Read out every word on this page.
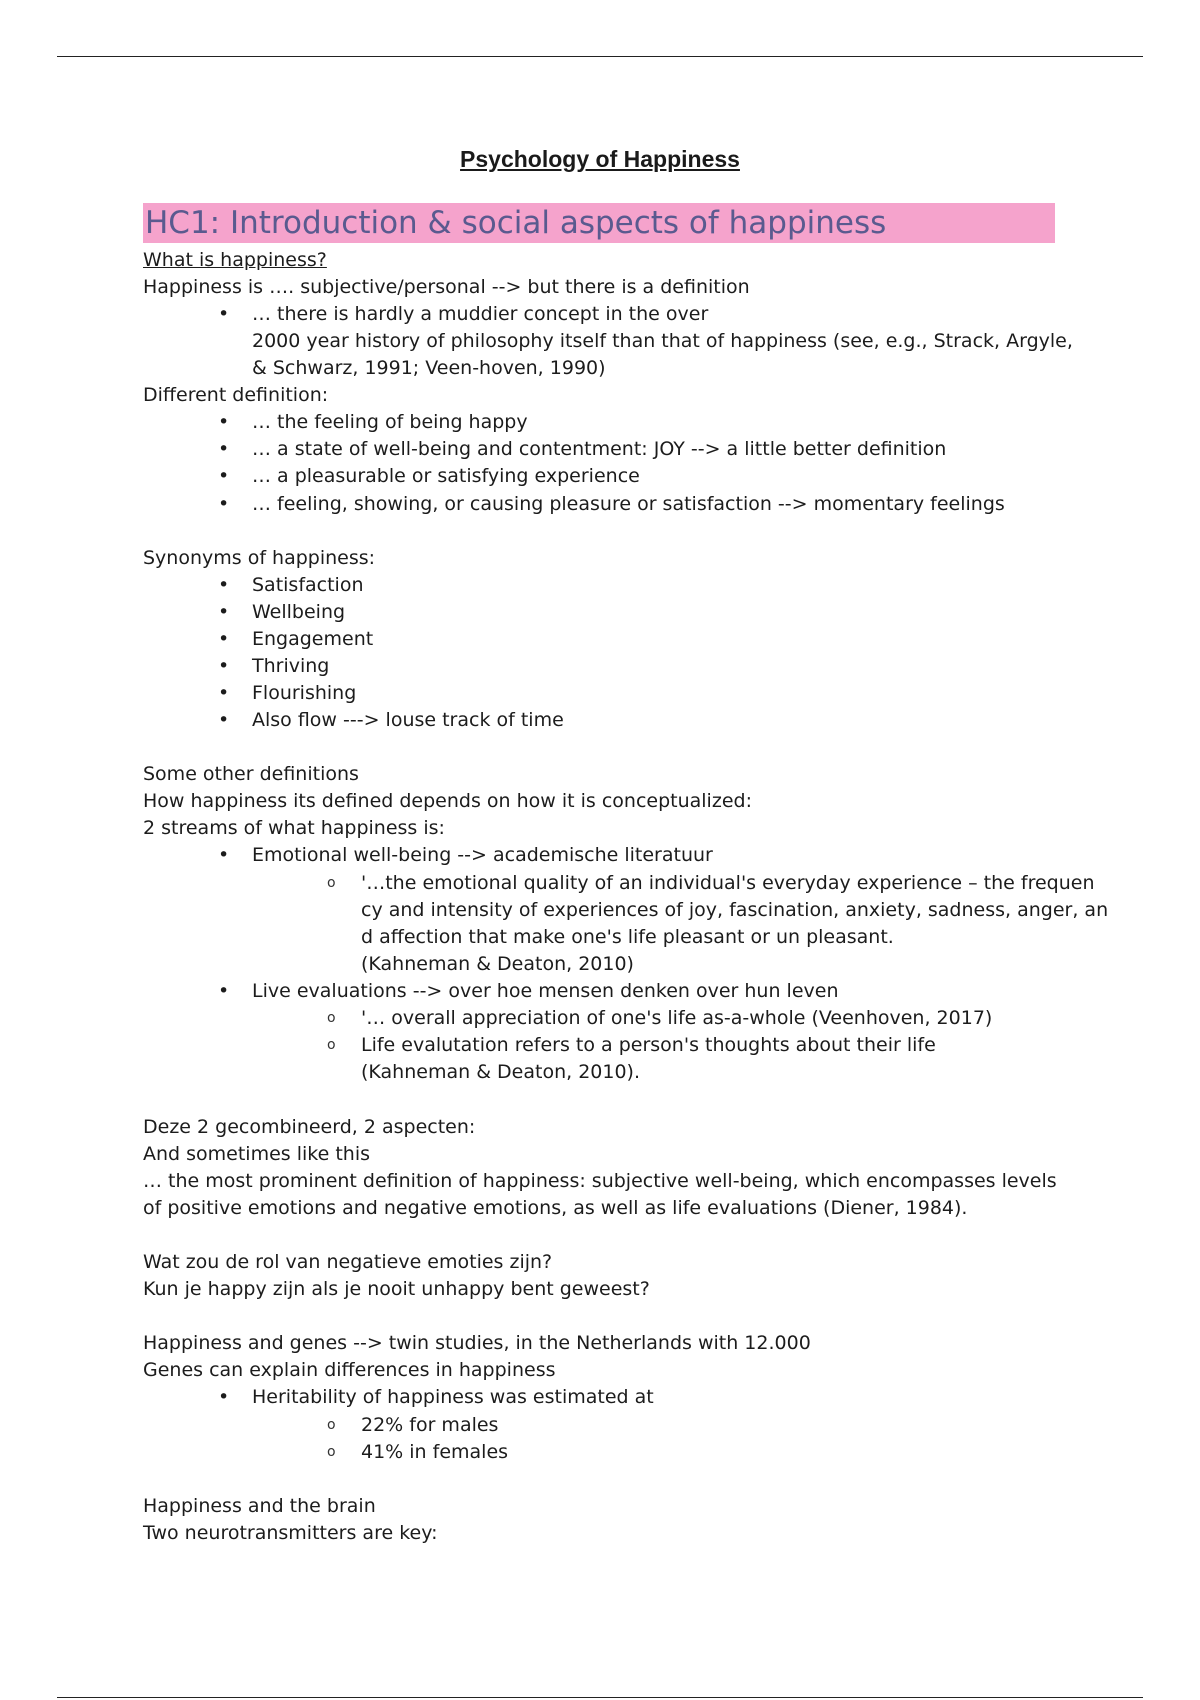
Psychology of Happiness
HC1: Introduction & social aspects of happiness
What is happiness?
Happiness is …. subjective/personal --> but there is a definition
• … there is hardly a muddier concept in the over
2000 year history of philosophy itself than that of happiness (see, e.g., Strack, Argyle,
& Schwarz, 1991; Veen-hoven, 1990)
Different definition:
• … the feeling of being happy
• … a state of well-being and contentment: JOY --> a little better definition
• … a pleasurable or satisfying experience
• … feeling, showing, or causing pleasure or satisfaction --> momentary feelings
Synonyms of happiness:
• Satisfaction
• Wellbeing
• Engagement
• Thriving
• Flourishing
• Also flow ---> louse track of time
Some other definitions
How happiness its defined depends on how it is conceptualized:
2 streams of what happiness is:
• Emotional well-being --> academische literatuur
o '…the emotional quality of an individual's everyday experience – the frequen
cy and intensity of experiences of joy, fascination, anxiety, sadness, anger, an
d affection that make one's life pleasant or un pleasant.
(Kahneman & Deaton, 2010)
• Live evaluations --> over hoe mensen denken over hun leven
o '… overall appreciation of one's life as-a-whole (Veenhoven, 2017)
o Life evalutation refers to a person's thoughts about their life
(Kahneman & Deaton, 2010).
Deze 2 gecombineerd, 2 aspecten:
And sometimes like this
… the most prominent definition of happiness: subjective well-being, which encompasses levels
of positive emotions and negative emotions, as well as life evaluations (Diener, 1984).
Wat zou de rol van negatieve emoties zijn?
Kun je happy zijn als je nooit unhappy bent geweest?
Happiness and genes --> twin studies, in the Netherlands with 12.000
Genes can explain differences in happiness
• Heritability of happiness was estimated at
o 22% for males
o 41% in females
Happiness and the brain
Two neurotransmitters are key:
